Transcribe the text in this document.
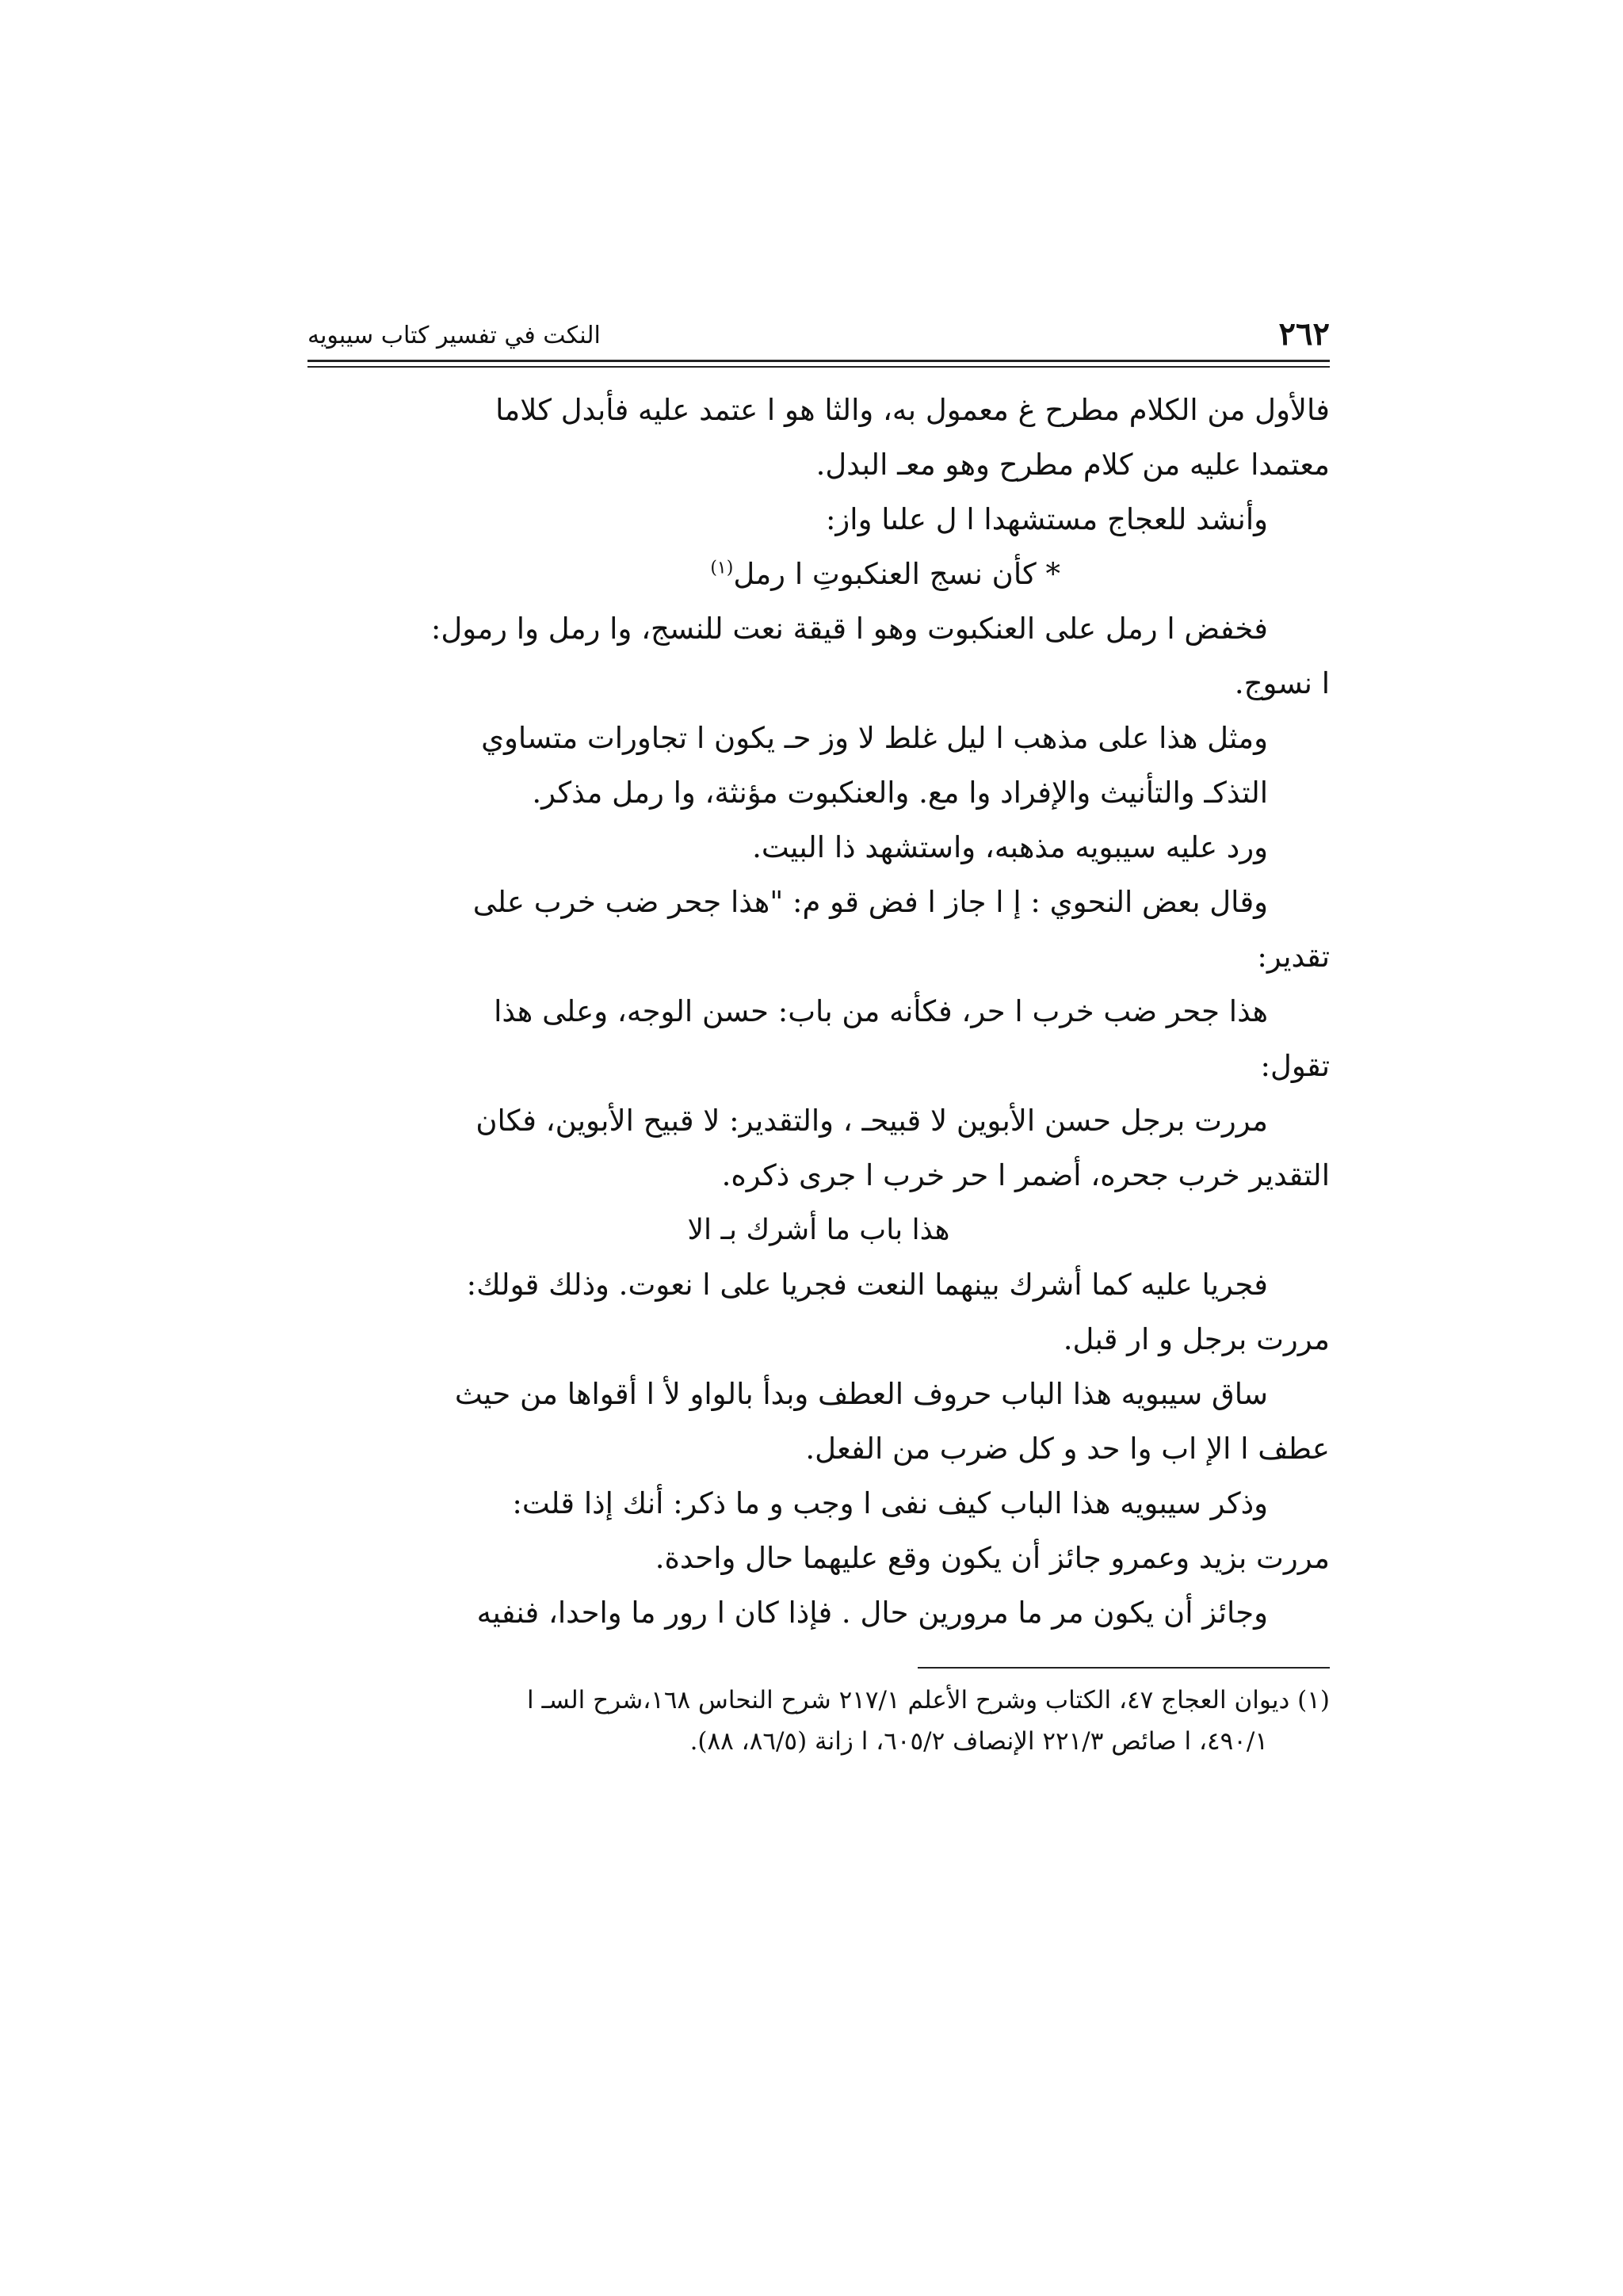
٢٦٢
النكت في تفسير كتاب سيبويه

فالأول من الكلام مطرح غ معمول به، والثا هو ا عتمد عليه فأبدل كلاما

معتمدا عليه من كلام مطرح وهو معـ البدل.

وأنشد للعجاج مستشهدا ا ل علىا واز:

* كأن نسج العنكبوتِ ا رمل$^{(١)}$

فخفض ا رمل على العنكبوت وهو ا قيقة نعت للنسج، وا رمل وا رمول:

ا نسوج.

ومثل هذا على مذهب ا ليل غلط لا وز حـ يكون ا تجاورات متساوي

التذكـ والتأنيث والإفراد وا مع. والعنكبوت مؤنثة، وا رمل مذكر.

ورد عليه سيبويه مذهبه، واستشهد ذا البيت.

وقال بعض النحوي : إ ا جاز ا فض قو م: "هذا جحر ضب خرب على

تقدير:

هذا جحر ضب خرب ا حر، فكأنه من باب: حسن الوجه، وعلى هذا

تقول:

مررت برجل حسن الأبوين لا قبيحـ ، والتقدير: لا قبيح الأبوين، فكان

التقدير خرب جحره، أضمر ا حر خرب ا جرى ذكره.

هذا باب ما أشرك بـ الا

فجريا عليه كما أشرك بينهما النعت فجريا على ا نعوت. وذلك قولك:

مررت برجل و ار قبل.

ساق سيبويه هذا الباب حروف العطف وبدأ بالواو لأ ا أقواها من حيث

عطف ا الإ اب وا حد و كل ضرب من الفعل.

وذكر سيبويه هذا الباب كيف نفى ا وجب و ما ذكر: أنك إذا قلت:

مررت بزيد وعمرو جائز أن يكون وقع عليهما حال واحدة.

وجائز أن يكون مر ما مرورين حال . فإذا كان ا رور ما واحدا، فنفيه

(١) ديوان العجاج ٤٧، الكتاب وشرح الأعلم ٢١٧/١ شرح النحاس ١٦٨،شرح السـ ا

٤٩٠/١، ا صائص ٢٢١/٣ الإنصاف ٦٠٥/٢، ا زانة (٨٦/٥، ٨٨).
